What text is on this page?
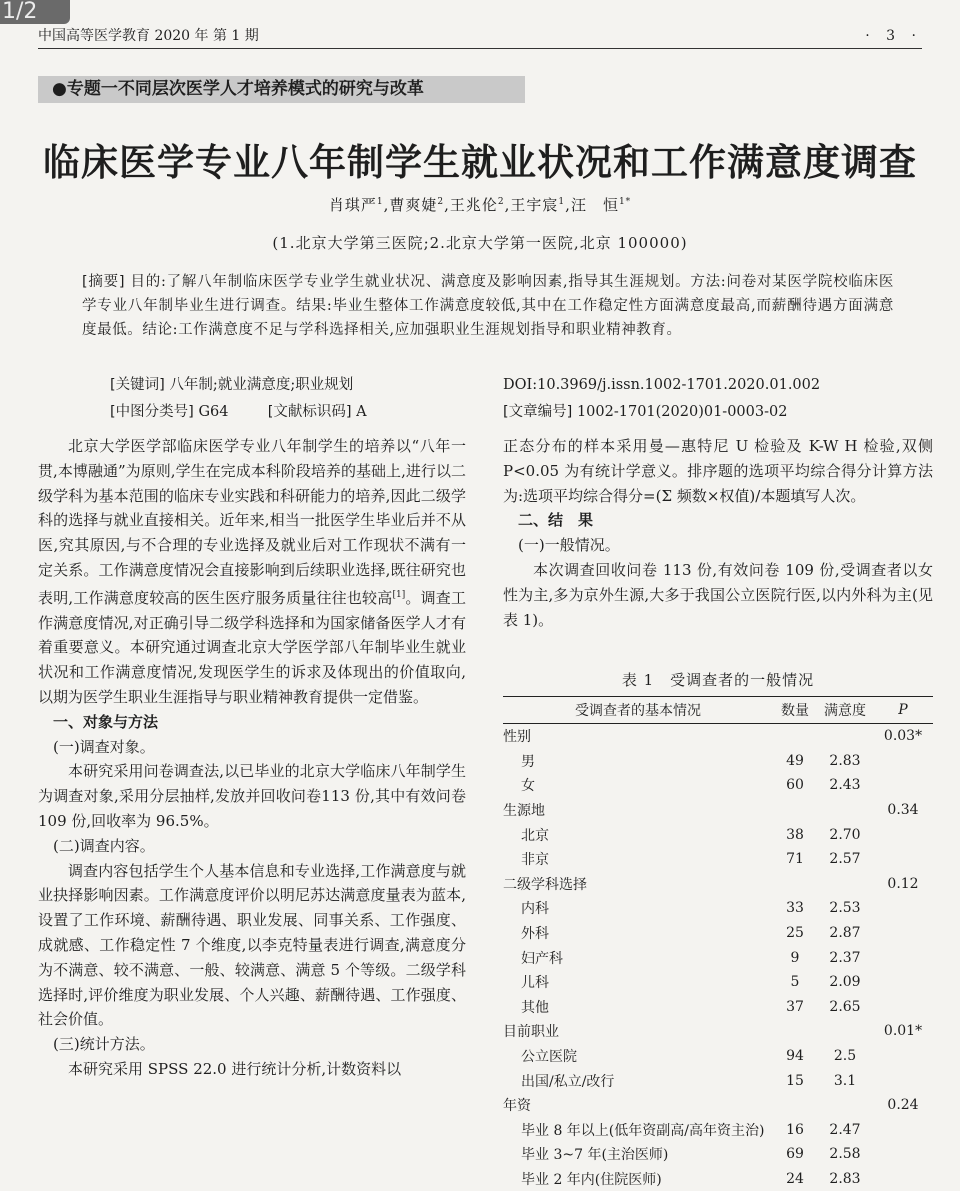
1/2
中国高等医学教育 2020 年 第 1 期	· 3 ·
●专题一不同层次医学人才培养模式的研究与改革
临床医学专业八年制学生就业状况和工作满意度调查
肖琪严$^1$,曹爽婕$^2$,王兆伦$^2$,王宇宸$^1$,汪　恒$^{1*}$
(1.北京大学第三医院;2.北京大学第一医院,北京 100000)
[摘要] 目的:了解八年制临床医学专业学生就业状况、满意度及影响因素,指导其生涯规划。方法:问卷对某医学院校临床医学专业八年制毕业生进行调查。结果:毕业生整体工作满意度较低,其中在工作稳定性方面满意度最高,而薪酬待遇方面满意度最低。结论:工作满意度不足与学科选择相关,应加强职业生涯规划指导和职业精神教育。
[关键词] 八年制;就业满意度;职业规划
[中图分类号] G64	[文献标识码] A
DOI:10.3969/j.issn.1002-1701.2020.01.002
[文章编号] 1002-1701(2020)01-0003-02

北京大学医学部临床医学专业八年制学生的培养以“八年一贯,本博融通”为原则,学生在完成本科阶段培养的基础上,进行以二级学科为基本范围的临床专业实践和科研能力的培养,因此二级学科的选择与就业直接相关。近年来,相当一批医学生毕业后并不从医,究其原因,与不合理的专业选择及就业后对工作现状不满有一定关系。工作满意度情况会直接影响到后续职业选择,既往研究也表明,工作满意度较高的医生医疗服务质量往往也较高[1]。调查工作满意度情况,对正确引导二级学科选择和为国家储备医学人才有着重要意义。本研究通过调查北京大学医学部八年制毕业生就业状况和工作满意度情况,发现医学生的诉求及体现出的价值取向,以期为医学生职业生涯指导与职业精神教育提供一定借鉴。

一、对象与方法

(一)调查对象。

本研究采用问卷调查法,以已毕业的北京大学临床八年制学生为调查对象,采用分层抽样,发放并回收问卷113 份,其中有效问卷 109 份,回收率为 96.5%。

(二)调查内容。

调查内容包括学生个人基本信息和专业选择,工作满意度与就业抉择影响因素。工作满意度评价以明尼苏达满意度量表为蓝本,设置了工作环境、薪酬待遇、职业发展、同事关系、工作强度、成就感、工作稳定性 7 个维度,以李克特量表进行调查,满意度分为不满意、较不满意、一般、较满意、满意 5 个等级。二级学科选择时,评价维度为职业发展、个人兴趣、薪酬待遇、工作强度、社会价值。

(三)统计方法。

本研究采用 SPSS 22.0 进行统计分析,计数资料以

正态分布的样本采用曼—惠特尼 U 检验及 K-W H 检验,双侧 P<0.05 为有统计学意义。排序题的选项平均综合得分计算方法为:选项平均综合得分=(Σ 频数×权值)/本题填写人次。

二、结　果

(一)一般情况。

本次调查回收问卷 113 份,有效问卷 109 份,受调查者以女性为主,多为京外生源,大多于我国公立医院行医,以内外科为主(见表 1)。

表 1　受调查者的一般情况
受调查者的基本情况	数量	满意度	P
性别			0.03*
男	49	2.83	
女	60	2.43	
生源地			0.34
北京	38	2.70	
非京	71	2.57	
二级学科选择			0.12
内科	33	2.53	
外科	25	2.87	
妇产科	9	2.37	
儿科	5	2.09	
其他	37	2.65	
目前职业			0.01*
公立医院	94	2.5	
出国/私立/改行	15	3.1	
年资			0.24
毕业 8 年以上(低年资副高/高年资主治)	16	2.47	
毕业 3~7 年(主治医师)	69	2.58	
毕业 2 年内(住院医师)	24	2.83	
